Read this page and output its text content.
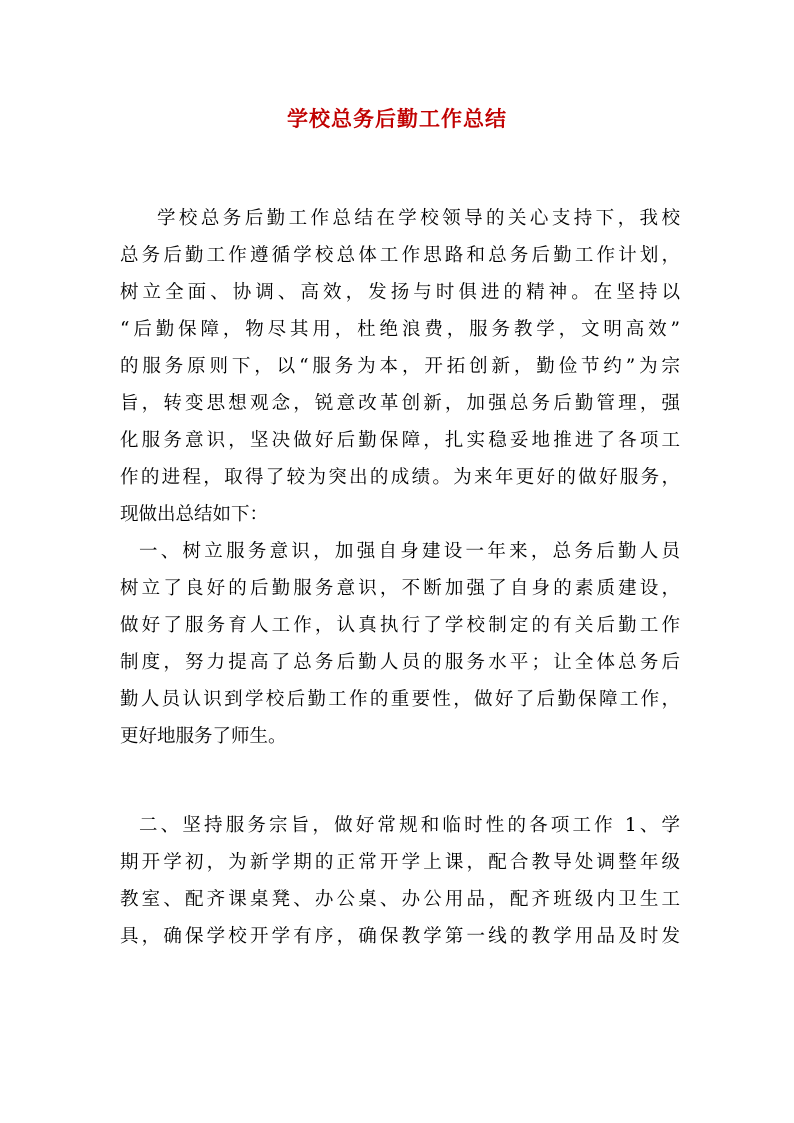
学校总务后勤工作总结
学校总务后勤工作总结在学校领导的关心支持下，我校
总务后勤工作遵循学校总体工作思路和总务后勤工作计划，
树立全面、协调、高效，发扬与时俱进的精神。在坚持以
“后勤保障，物尽其用，杜绝浪费，服务教学，文明高效”
的服务原则下，以“服务为本，开拓创新，勤俭节约”为宗
旨，转变思想观念，锐意改革创新，加强总务后勤管理，强
化服务意识，坚决做好后勤保障，扎实稳妥地推进了各项工
作的进程，取得了较为突出的成绩。为来年更好的做好服务，
现做出总结如下：
一、树立服务意识，加强自身建设一年来，总务后勤人员
树立了良好的后勤服务意识，不断加强了自身的素质建设，
做好了服务育人工作，认真执行了学校制定的有关后勤工作
制度，努力提高了总务后勤人员的服务水平；让全体总务后
勤人员认识到学校后勤工作的重要性，做好了后勤保障工作，
更好地服务了师生。
二、坚持服务宗旨，做好常规和临时性的各项工作 1、学
期开学初，为新学期的正常开学上课，配合教导处调整年级
教室、配齐课桌凳、办公桌、办公用品，配齐班级内卫生工
具，确保学校开学有序，确保教学第一线的教学用品及时发
